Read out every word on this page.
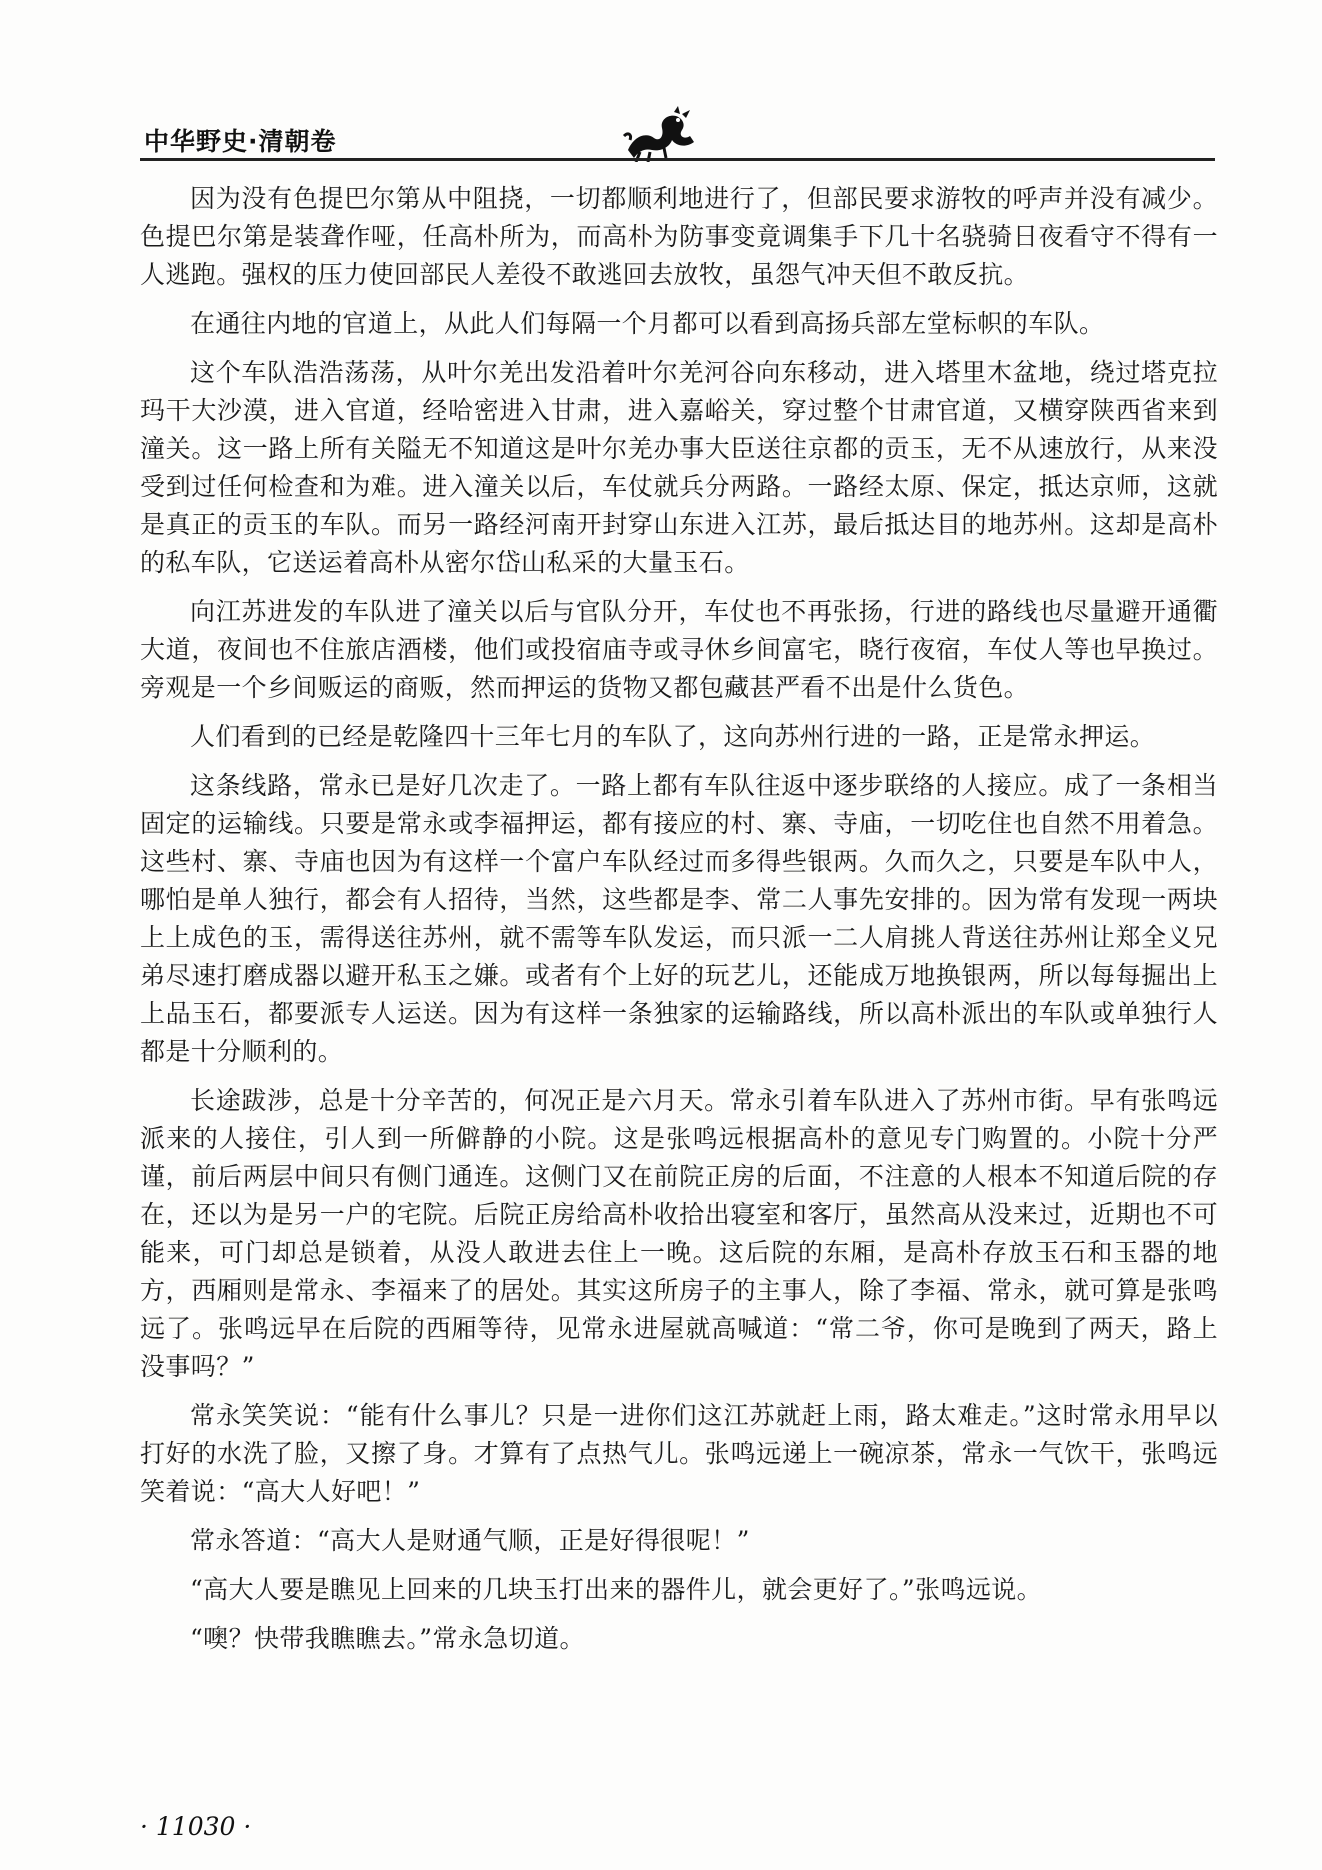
中华野史·清朝卷

因为没有色提巴尔第从中阻挠，一切都顺利地进行了，但部民要求游牧的呼声并没有减少。色提巴尔第是装聋作哑，任高朴所为，而高朴为防事变竟调集手下几十名骁骑日夜看守不得有一人逃跑。强权的压力使回部民人差役不敢逃回去放牧，虽怨气冲天但不敢反抗。

在通往内地的官道上，从此人们每隔一个月都可以看到高扬兵部左堂标帜的车队。

这个车队浩浩荡荡，从叶尔羌出发沿着叶尔羌河谷向东移动，进入塔里木盆地，绕过塔克拉玛干大沙漠，进入官道，经哈密进入甘肃，进入嘉峪关，穿过整个甘肃官道，又横穿陕西省来到潼关。这一路上所有关隘无不知道这是叶尔羌办事大臣送往京都的贡玉，无不从速放行，从来没受到过任何检查和为难。进入潼关以后，车仗就兵分两路。一路经太原、保定，抵达京师，这就是真正的贡玉的车队。而另一路经河南开封穿山东进入江苏，最后抵达目的地苏州。这却是高朴的私车队，它送运着高朴从密尔岱山私采的大量玉石。

向江苏进发的车队进了潼关以后与官队分开，车仗也不再张扬，行进的路线也尽量避开通衢大道，夜间也不住旅店酒楼，他们或投宿庙寺或寻休乡间富宅，晓行夜宿，车仗人等也早换过。旁观是一个乡间贩运的商贩，然而押运的货物又都包藏甚严看不出是什么货色。

人们看到的已经是乾隆四十三年七月的车队了，这向苏州行进的一路，正是常永押运。

这条线路，常永已是好几次走了。一路上都有车队往返中逐步联络的人接应。成了一条相当固定的运输线。只要是常永或李福押运，都有接应的村、寨、寺庙，一切吃住也自然不用着急。这些村、寨、寺庙也因为有这样一个富户车队经过而多得些银两。久而久之，只要是车队中人，哪怕是单人独行，都会有人招待，当然，这些都是李、常二人事先安排的。因为常有发现一两块上上成色的玉，需得送往苏州，就不需等车队发运，而只派一二人肩挑人背送往苏州让郑全义兄弟尽速打磨成器以避开私玉之嫌。或者有个上好的玩艺儿，还能成万地换银两，所以每每掘出上上品玉石，都要派专人运送。因为有这样一条独家的运输路线，所以高朴派出的车队或单独行人都是十分顺利的。

长途跋涉，总是十分辛苦的，何况正是六月天。常永引着车队进入了苏州市街。早有张鸣远派来的人接住，引人到一所僻静的小院。这是张鸣远根据高朴的意见专门购置的。小院十分严谨，前后两层中间只有侧门通连。这侧门又在前院正房的后面，不注意的人根本不知道后院的存在，还以为是另一户的宅院。后院正房给高朴收拾出寝室和客厅，虽然高从没来过，近期也不可能来，可门却总是锁着，从没人敢进去住上一晚。这后院的东厢，是高朴存放玉石和玉器的地方，西厢则是常永、李福来了的居处。其实这所房子的主事人，除了李福、常永，就可算是张鸣远了。张鸣远早在后院的西厢等待，见常永进屋就高喊道：“常二爷，你可是晚到了两天，路上没事吗？”

常永笑笑说：“能有什么事儿？只是一进你们这江苏就赶上雨，路太难走。”这时常永用早以打好的水洗了脸，又擦了身。才算有了点热气儿。张鸣远递上一碗凉茶，常永一气饮干，张鸣远笑着说：“高大人好吧！”

常永答道：“高大人是财通气顺，正是好得很呢！”

“高大人要是瞧见上回来的几块玉打出来的器件儿，就会更好了。”张鸣远说。

“噢？快带我瞧瞧去。”常永急切道。

· 11030 ·
